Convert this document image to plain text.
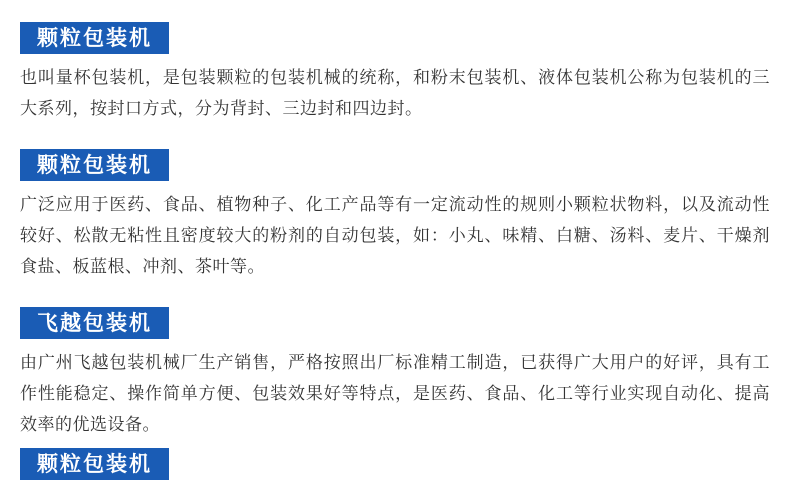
颗粒包装机

也叫量杯包装机，是包装颗粒的包装机械的统称，和粉末包装机、液体包装机公称为包装机的三大系列，按封口方式，分为背封、三边封和四边封。

颗粒包装机

广泛应用于医药、食品、植物种子、化工产品等有一定流动性的规则小颗粒状物料，以及流动性较好、松散无粘性且密度较大的粉剂的自动包装，如：小丸、味精、白糖、汤料、麦片、干燥剂食盐、板蓝根、冲剂、茶叶等。

飞越包装机

由广州飞越包装机械厂生产销售，严格按照出厂标准精工制造，已获得广大用户的好评，具有工作性能稳定、操作简单方便、包装效果好等特点，是医药、食品、化工等行业实现自动化、提高效率的优选设备。

颗粒包装机
